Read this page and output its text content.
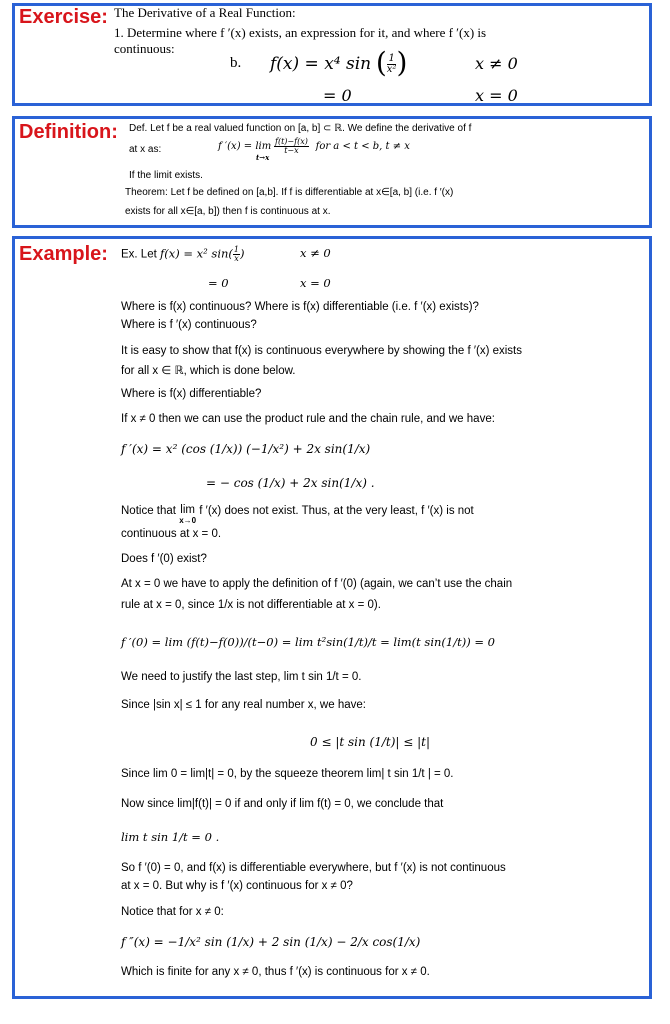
Exercise: The Derivative of a Real Function:
1. Determine where f ′(x) exists, an expression for it, and where f ′(x) is
continuous:
b. f(x) = x⁴ sin ( $\frac{1}{\text{x²}}$ )	x ≠ 0
= 0	x = 0
Definition: Def. Let f be a real valued function on [a, b] ⊂ ℝ. We define the derivative of f
at x as:	f $'(x) = \lim \frac{f(t)-f(x)}{t-x}$ for a < t < b, t ≠ x
t→x
If the limit exists.
Theorem: Let f be defined on [a,b]. If f is differentiable at x∈[a, b] (i.e. f ′(x)
exists for all x∈[a, b]) then f is continuous at x.
Example: Ex. Let f(x) = x² $\sin( \frac{1}{x}$ )	x ≠ 0
= 0	x = 0
Where is f(x) continuous? Where is f(x) differentiable (i.e. f ′(x) exists)?
Where is f ′(x) continuous?
It is easy to show that f(x) is continuous everywhere by showing the f ′(x) exists
for all x ∈ ℝ, which is done below.
Where is f(x) differentiable?
If x ≠ 0 then we can use the product rule and the chain rule, and we have:
f ′(x) = x² (cos (1/x)) (−1/x²) + 2x sin(1/x)
= − cos (1/x) + 2x sin(1/x) .
Notice that lim
x→0
f ′(x) does not exist. Thus, at the very least, f ′(x) is not
continuous at x = 0.
Does f ′(0) exist?
At x = 0 we have to apply the definition of f ′(0) (again, we can’t use the chain
rule at x = 0, since 1/x is not differentiable at x = 0).
f ′(0) = lim (f(t)−f(0))/(t−0) = lim t²sin(1/t)/t = lim(t sin(1/t)) = 0
We need to justify the last step, lim t sin 1/t = 0.
Since |sin x| ≤ 1 for any real number x, we have:
0 ≤ |t sin (1/t)| ≤ |t|
Since lim 0 = lim|t| = 0, by the squeeze theorem lim| t sin 1/t | = 0.
Now since lim|f(t)| = 0 if and only if lim f(t) = 0, we conclude that
lim t sin 1/t = 0 .
So f ′(0) = 0, and f(x) is differentiable everywhere, but f ′(x) is not continuous
at x = 0. But why is f ′(x) continuous for x ≠ 0?
Notice that for x ≠ 0:
f ″(x) = −1/x² sin (1/x) + 2 sin (1/x) − 2/x cos(1/x)
Which is finite for any x ≠ 0, thus f ′(x) is continuous for x ≠ 0.
